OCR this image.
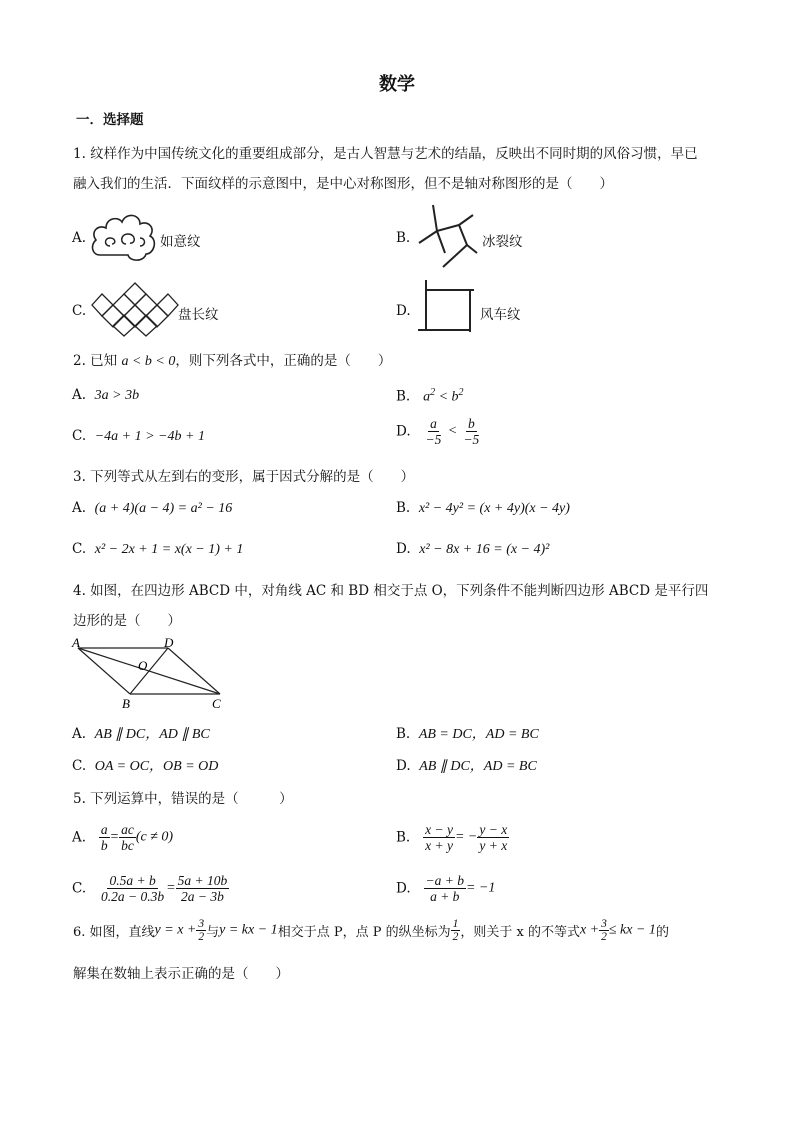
数学
一．选择题
1. 纹样作为中国传统文化的重要组成部分，是古人智慧与艺术的结晶，反映出不同时期的风俗习惯，早已
融入我们的生活．下面纹样的示意图中，是中心对称图形，但不是轴对称图形的是（　　）
A.	如意纹	B.	冰裂纹
C.	盘长纹	D.	风车纹
2. 已知 a < b < 0，则下列各式中，正确的是（　　）
A. 3a > 3b	B. $a^2 < b^2$
C. −4a + 1 > −4b + 1	D. $\frac{a}{-5} < \frac{b}{-5}$
3. 下列等式从左到右的变形，属于因式分解的是（　　）
A. (a + 4)(a − 4) = a² − 16	B. x² − 4y² = (x + 4y)(x − 4y)
C. x² − 2x + 1 = x(x − 1) + 1	D. x² − 8x + 16 = (x − 4)²
4. 如图，在四边形 ABCD 中，对角线 AC 和 BD 相交于点 O，下列条件不能判断四边形 ABCD 是平行四
边形的是（　　）
A	D
O
B	C
A. AB ∥ DC，AD ∥ BC	B. AB = DC，AD = BC
C. OA = OC，OB = OD	D. AB ∥ DC，AD = BC
5. 下列运算中，错误的是（　　　）
A. $\frac{a}{b} = \frac{ac}{bc} (c \ne 0)$	B. $\frac{x - y}{x + y}$ = − $\frac{y - x}{y + x}$
C. $\frac{0.5a + b}{0.2a - 0.3b} = \frac{5a + 10b}{2a - 3b}$	D. $\frac{-a + b}{a + b} = -1$
6. 如图，直线$y = x + \frac{3}{2}$ 与y = kx − 1相交于点 P，点 P 的纵坐标为 $\frac{1}{2}$ ，则关于 x 的不等式$x + \frac{3}{2}$ ≤ kx − 1的
解集在数轴上表示正确的是（　　）
